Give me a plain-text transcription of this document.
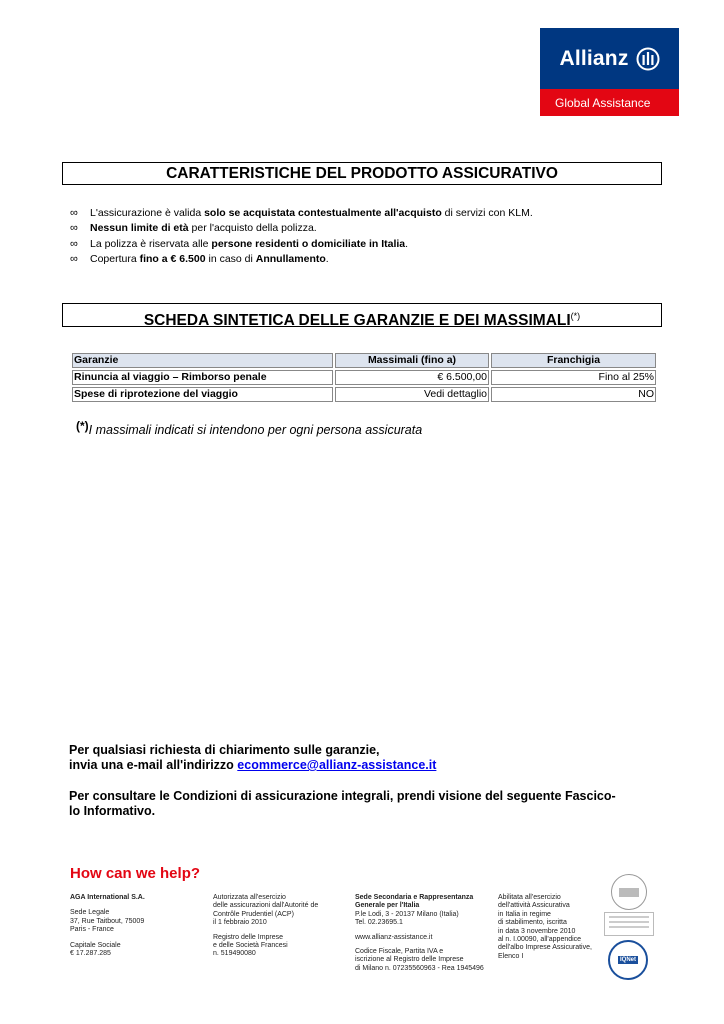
Allianz
Global Assistance
CARATTERISTICHE DEL PRODOTTO ASSICURATIVO
∞ L'assicurazione è valida solo se acquistata contestualmente all'acquisto di servizi con KLM.
∞ Nessun limite di età per l'acquisto della polizza.
∞ La polizza è riservata alle persone residenti o domiciliate in Italia.
∞ Copertura fino a € 6.500 in caso di Annullamento.
SCHEDA SINTETICA DELLE GARANZIE E DEI MASSIMALI(*)
Garanzie	Massimali (fino a)	Franchigia
Rinuncia al viaggio – Rimborso penale	€ 6.500,00	Fino al 25%
Spese di riprotezione del viaggio	Vedi dettaglio	NO
(*)I massimali indicati si intendono per ogni persona assicurata

Per qualsiasi richiesta di chiarimento sulle garanzie,

invia una e-mail all'indirizzo ecommerce@allianz-assistance.it

Per consultare le Condizioni di assicurazione integrali, prendi visione del seguente Fascico-

lo Informativo.

How can we help?
AGA International S.A.
Sede Legale
37, Rue Taitbout, 75009
Paris - France
Capitale Sociale
€ 17.287.285
Autorizzata all'esercizio
delle assicurazioni dall'Autorité de
Contrôle Prudentiel (ACP)
il 1 febbraio 2010
Registro delle Imprese
e delle Società Francesi
n. 519490080
Sede Secondaria e Rappresentanza
Generale per l'Italia
P.le Lodi, 3 - 20137 Milano (Italia)
Tel. 02.23695.1
www.allianz-assistance.it
Codice Fiscale, Partita IVA e
iscrizione al Registro delle Imprese
di Milano n. 07235560963 - Rea 1945496
Abilitata all'esercizio
dell'attività Assicurativa
in Italia in regime
di stabilimento, iscritta
in data 3 novembre 2010
al n. I.00090, all'appendice
dell'albo Imprese Assicurative,
Elenco I
IQNet
